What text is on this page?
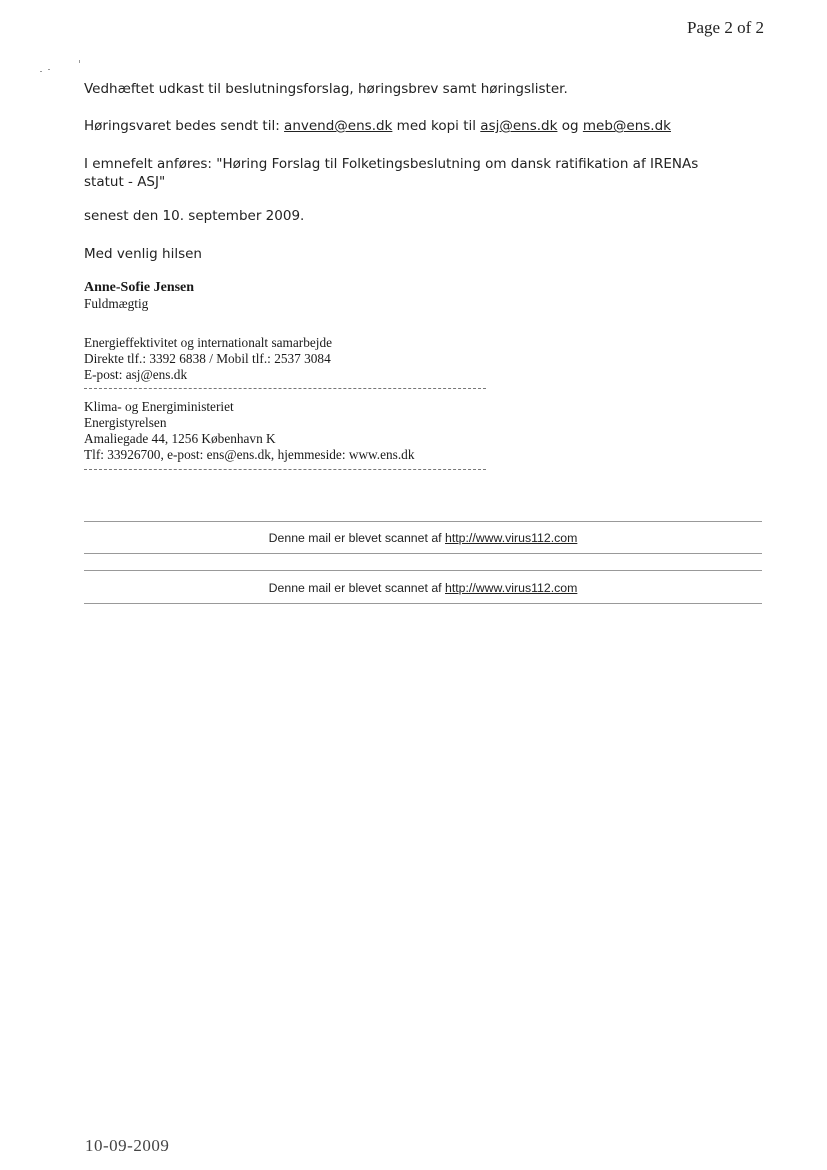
Page 2 of 2
Vedhæftet udkast til beslutningsforslag, høringsbrev samt høringslister.
Høringsvaret bedes sendt til: anvend@ens.dk med kopi til asj@ens.dk og meb@ens.dk
I emnefelt anføres: "Høring Forslag til Folketingsbeslutning om dansk ratifikation af IRENAs
statut - ASJ"
senest den 10. september 2009.
Med venlig hilsen
Anne-Sofie Jensen
Fuldmægtig
Energieffektivitet og internationalt samarbejde
Direkte tlf.: 3392 6838 / Mobil tlf.: 2537 3084
E-post: asj@ens.dk
Klima- og Energiministeriet
Energistyrelsen
Amaliegade 44, 1256 København K
Tlf: 33926700, e-post: ens@ens.dk, hjemmeside: www.ens.dk
Denne mail er blevet scannet af http://www.virus112.com
Denne mail er blevet scannet af http://www.virus112.com
10-09-2009
